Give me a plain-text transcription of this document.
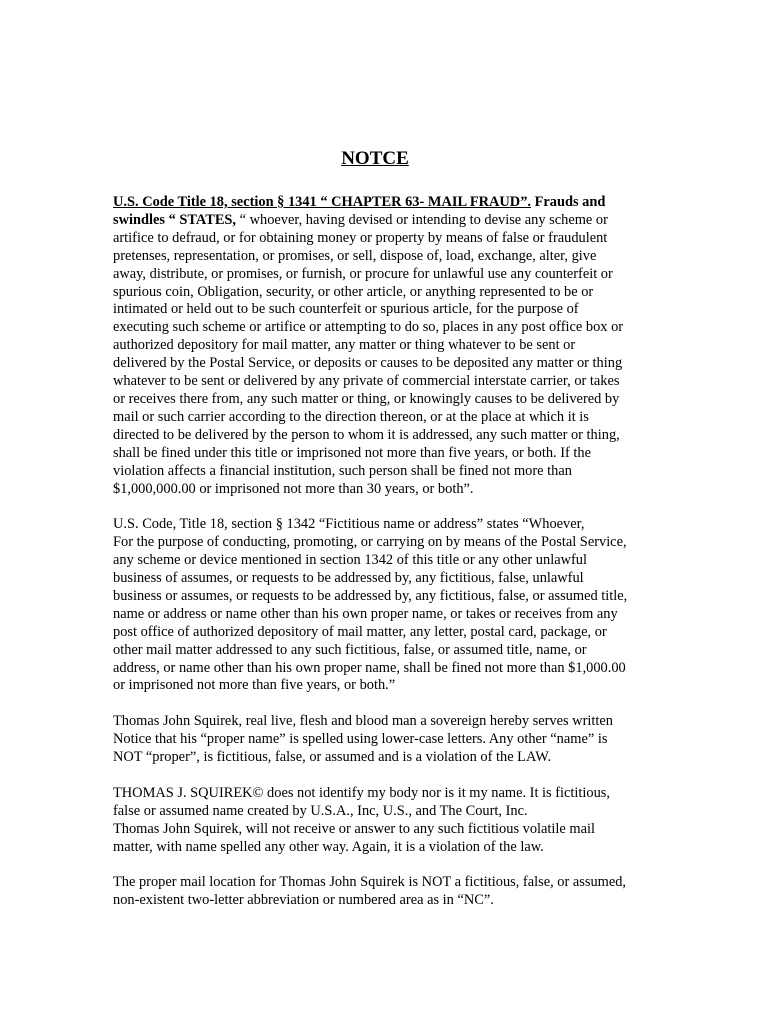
NOTCE
U.S. Code Title 18, section § 1341 “ CHAPTER 63- MAIL FRAUD”. Frauds and
swindles “ STATES, “ whoever, having devised or intending to devise any scheme or
artifice to defraud, or for obtaining money or property by means of false or fraudulent
pretenses, representation, or promises, or sell, dispose of, load, exchange, alter, give
away, distribute, or promises, or furnish, or procure for unlawful use any counterfeit or
spurious coin, Obligation, security, or other article, or anything represented to be or
intimated or held out to be such counterfeit or spurious article, for the purpose of
executing such scheme or artifice or attempting to do so, places in any post office box or
authorized depository for mail matter, any matter or thing whatever to be sent or
delivered by the Postal Service, or deposits or causes to be deposited any matter or thing
whatever to be sent or delivered by any private of commercial interstate carrier, or takes
or receives there from, any such matter or thing, or knowingly causes to be delivered by
mail or such carrier according to the direction thereon, or at the place at which it is
directed to be delivered by the person to whom it is addressed, any such matter or thing,
shall be fined under this title or imprisoned not more than five years, or both. If the
violation affects a financial institution, such person shall be fined not more than
$1,000,000.00 or imprisoned not more than 30 years, or both”.
U.S. Code, Title 18, section § 1342 “Fictitious name or address” states “Whoever,
For the purpose of conducting, promoting, or carrying on by means of the Postal Service,
any scheme or device mentioned in section 1342 of this title or any other unlawful
business of assumes, or requests to be addressed by, any fictitious, false, unlawful
business or assumes, or requests to be addressed by, any fictitious, false, or assumed title,
name or address or name other than his own proper name, or takes or receives from any
post office of authorized depository of mail matter, any letter, postal card, package, or
other mail matter addressed to any such fictitious, false, or assumed title, name, or
address, or name other than his own proper name, shall be fined not more than $1,000.00
or imprisoned not more than five years, or both.”
Thomas John Squirek, real live, flesh and blood man a sovereign hereby serves written
Notice that his “proper name” is spelled using lower-case letters. Any other “name” is
NOT “proper”, is fictitious, false, or assumed and is a violation of the LAW.
THOMAS J. SQUIREK© does not identify my body nor is it my name. It is fictitious,
false or assumed name created by U.S.A., Inc, U.S., and The Court, Inc.
Thomas John Squirek, will not receive or answer to any such fictitious volatile mail
matter, with name spelled any other way. Again, it is a violation of the law.
The proper mail location for Thomas John Squirek is NOT a fictitious, false, or assumed,
non-existent two-letter abbreviation or numbered area as in “NC”.
